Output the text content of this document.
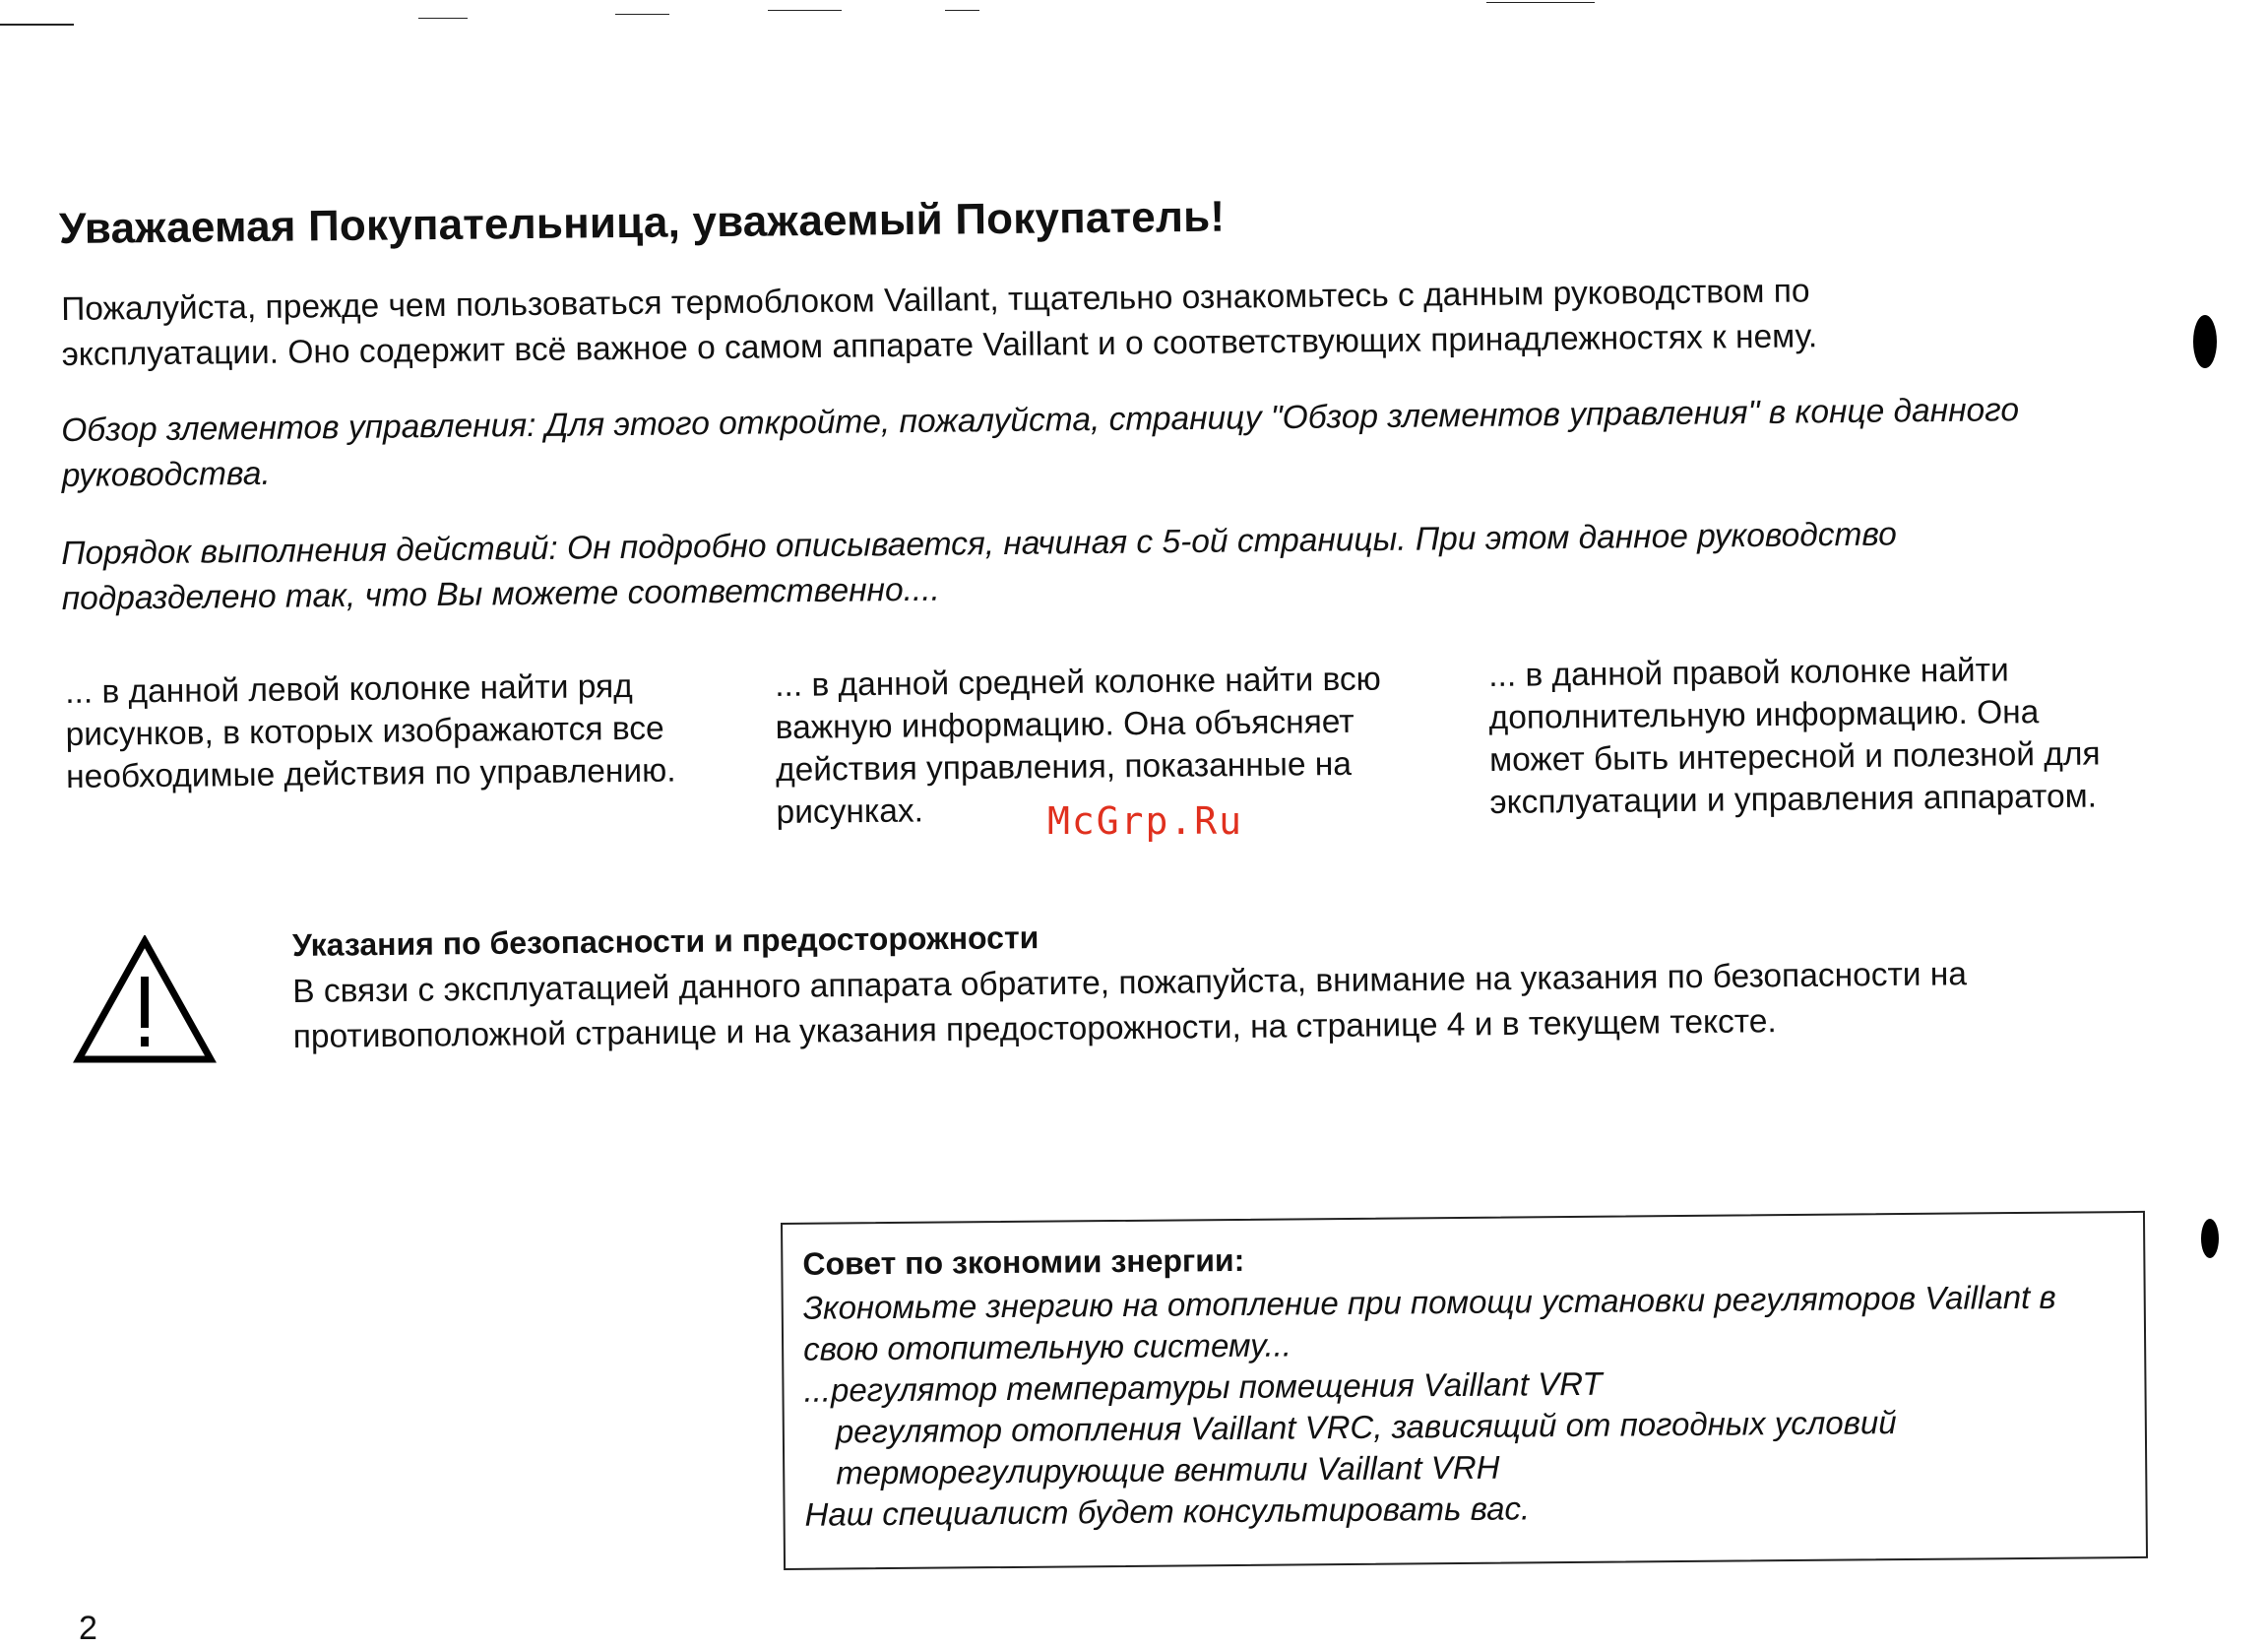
Уважаемая Покупательница, уважаемый Покупатель!
Пожалуйста, прежде чем пользоваться термоблоком Vaillant, тщательно ознакомьтесь с данным руководством по
эксплуатации. Оно содержит всё важное о самом аппарате Vaillant и о соответствующих принадлежностях к нему.
Обзор злементов управления: Для этого откройте, пожалуйста, страницу "Обзор злементов управления" в конце данного
руководства.
Порядок выполнения действий: Он подробно описывается, начиная с 5-ой страницы. При этом данное руководство
подразделено так, что Вы можете соответственно....
... в данной левой колонке найти ряд
рисунков, в которых изображаются все
необходимые действия по управлению.
... в данной средней колонке найти всю
важную информацию. Она объясняет
действия управления, показанные на
рисунках.
... в данной правой колонке найти
дополнительную информацию. Она
может быть интересной и полезной для
эксплуатации и управления аппаратом.
McGrp.Ru
Указания по безопасности и предосторожности
В связи с эксплуатацией данного аппарата обратите, пожапуйста, внимание на указания по безопасности на
противоположной странице и на указания предосторожности, на странице 4 и в текущем тексте.
Совет по зкономии знергии:
Зкономьте знергию на отопление при помощи установки регуляторов Vaillant в
свою отопительную систему...
...регулятор температуры помещения Vaillant VRT
регулятор отопления Vaillant VRC, зависящий от погодных условий
терморегулирующие вентили Vaillant VRH
Наш специалист будет консультировать вас.
2
